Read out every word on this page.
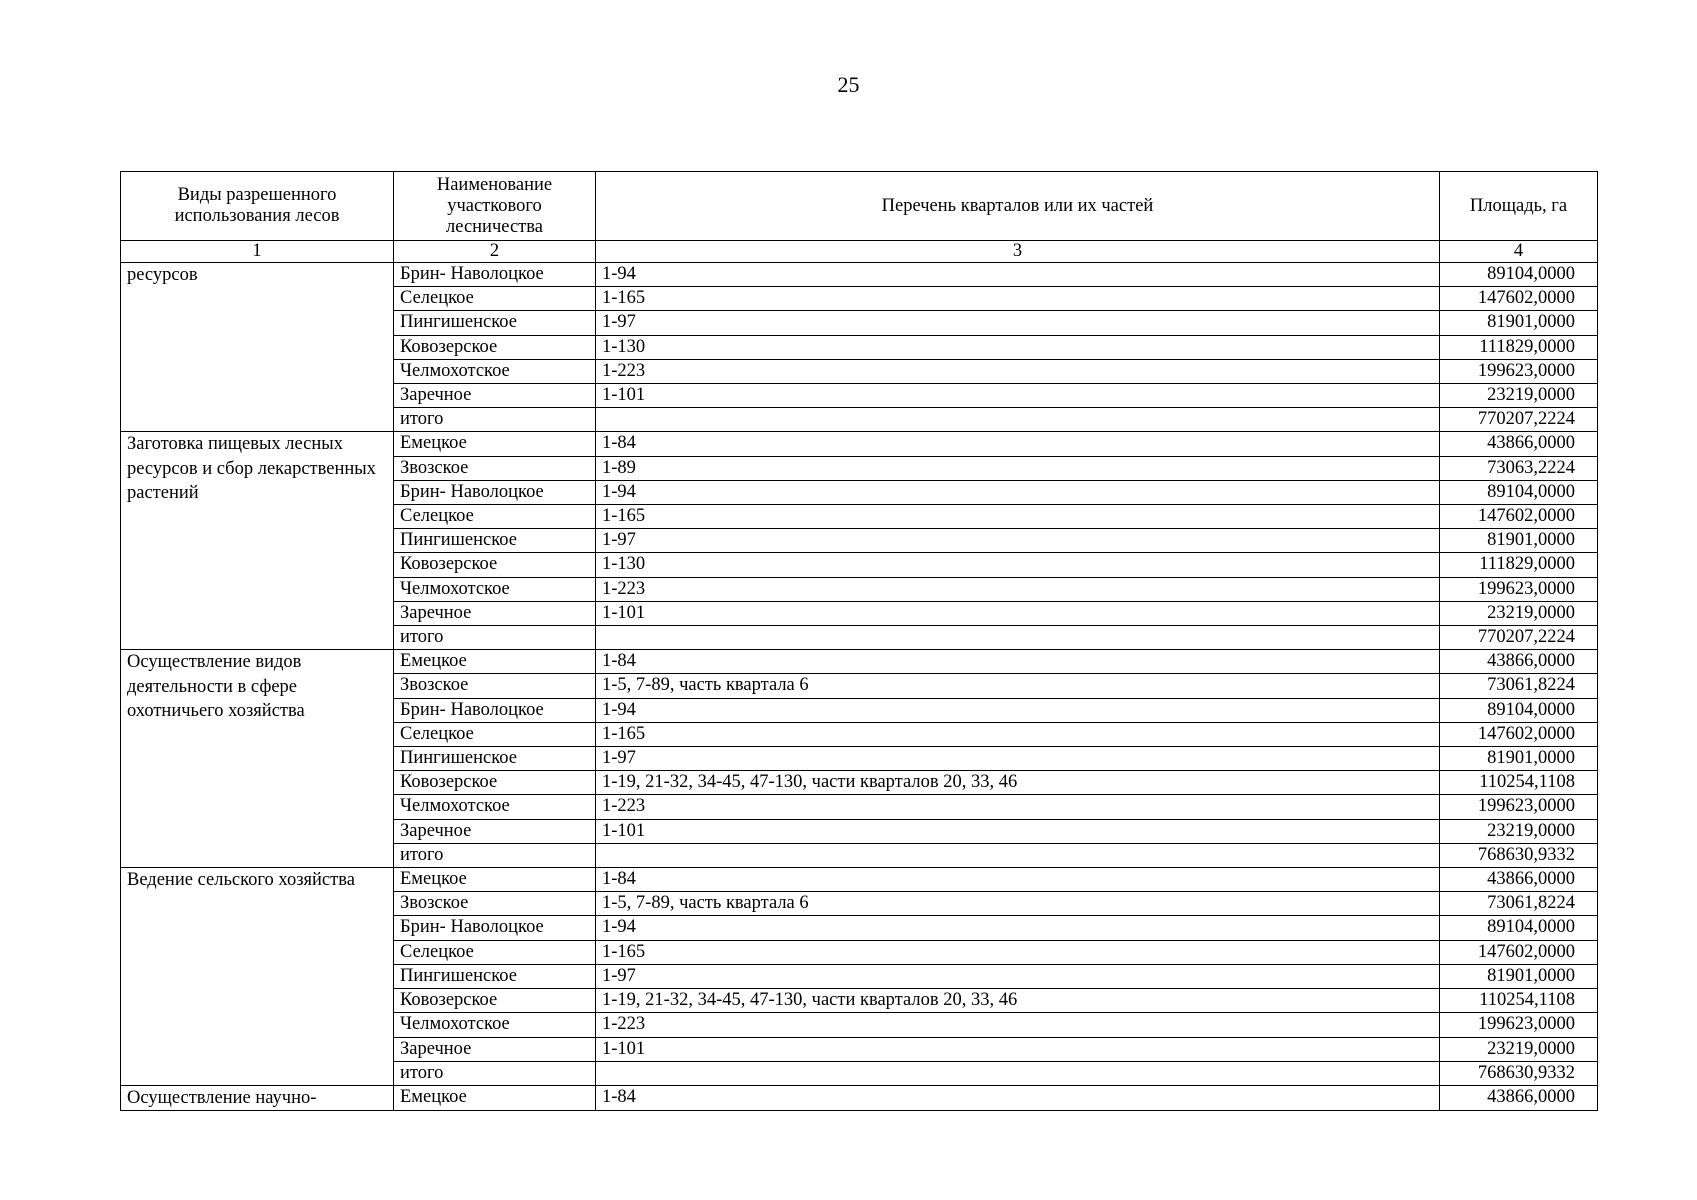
25
Виды разрешенного использования лесов	Наименование участкового лесничества	Перечень кварталов или их частей	Площадь, га
1	2	3	4
ресурсов	Брин- Наволоцкое	1-94	89104,0000
	Селецкое	1-165	147602,0000
	Пингишенское	1-97	81901,0000
	Ковозерское	1-130	111829,0000
	Челмохотское	1-223	199623,0000
	Заречное	1-101	23219,0000
	итого		770207,2224
Заготовка пищевых лесных ресурсов и сбор лекарственных растений	Емецкое	1-84	43866,0000
	Звозское	1-89	73063,2224
	Брин- Наволоцкое	1-94	89104,0000
	Селецкое	1-165	147602,0000
	Пингишенское	1-97	81901,0000
	Ковозерское	1-130	111829,0000
	Челмохотское	1-223	199623,0000
	Заречное	1-101	23219,0000
	итого		770207,2224
Осуществление видов деятельности в сфере охотничьего хозяйства	Емецкое	1-84	43866,0000
	Звозское	1-5, 7-89, часть квартала 6	73061,8224
	Брин- Наволоцкое	1-94	89104,0000
	Селецкое	1-165	147602,0000
	Пингишенское	1-97	81901,0000
	Ковозерское	1-19, 21-32, 34-45, 47-130, части кварталов 20, 33, 46	110254,1108
	Челмохотское	1-223	199623,0000
	Заречное	1-101	23219,0000
	итого		768630,9332
Ведение сельского хозяйства	Емецкое	1-84	43866,0000
	Звозское	1-5, 7-89, часть квартала 6	73061,8224
	Брин- Наволоцкое	1-94	89104,0000
	Селецкое	1-165	147602,0000
	Пингишенское	1-97	81901,0000
	Ковозерское	1-19, 21-32, 34-45, 47-130, части кварталов 20, 33, 46	110254,1108
	Челмохотское	1-223	199623,0000
	Заречное	1-101	23219,0000
	итого		768630,9332
Осуществление научно-	Емецкое	1-84	43866,0000
